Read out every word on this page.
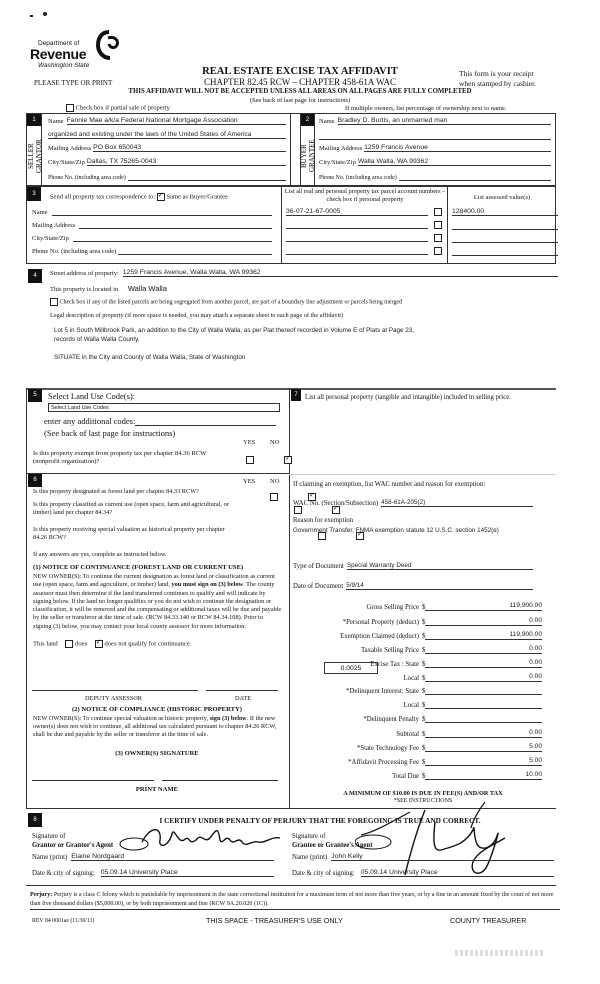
Department of
Revenue
Washington State
REAL ESTATE EXCISE TAX AFFIDAVIT
CHAPTER 82.45 RCW – CHAPTER 458-61A WAC
PLEASE TYPE OR PRINT
This form is your receipt
when stamped by cashier.
THIS AFFIDAVIT WILL NOT BE ACCEPTED UNLESS ALL AREAS ON ALL PAGES ARE FULLY COMPLETED
(See back of last page for instructions)
Check box if partial sale of property	If multiple owners, list percentage of ownership next to name.
1
SELLER
GRANTOR
Name Fannie Mae a/k/a Federal National Mortgage Association
organized and existing under the laws of the United States of America
Mailing Address PO Box 650043
City/State/Zip Dallas, TX 75265-0043
Phone No. (including area code)
2
BUYER
GRANTEE
Name Bradley D. Burtis, an unmarried man
Mailing Address 1259 Francis Avenue
City/State/Zip Walla Walla, WA 99362
Phone No. (including area code)
3	Send all property tax correspondence to: ✓ Same as Buyer/Grantee
List all real and personal property tax parcel account numbers – check box if personal property	List assessed value(s)
Name
Mailing Address
City/State/Zip
Phone No. (including area code)
36-07-21-67-0005	128400.00
4	Street address of property: 1259 Francis Avenue, Walla Walla, WA 99362
This property is located in Walla Walla
Check box if any of the listed parcels are being segregated from another parcel, are part of a boundary line adjustment or parcels being merged
Legal description of property (if more space is needed, you may attach a separate sheet to each page of the affidavit)
Lot 5 in South Millbrook Park, an addition to the City of Walla Walla, as per Plat thereof recorded in Volume E of Plats at Page 23,
records of Walla Walla County.
SITUATE in the City and County of Walla Walla, State of Washington
5	Select Land Use Code(s):
Select Land Use Codes
enter any additional codes:
(See back of last page for instructions)
YES NO
Is this property exempt from property tax per chapter 84.36 RCW (nonprofit organization)?
✓
6	YES NO
Is this property designated as forest land per chapter 84.33 RCW?
✓
Is this property classified as current use (open space, farm and agricultural, or timber) land per chapter 84.34?
✓
Is this property receiving special valuation as historical property per chapter 84.26 RCW?
✓
If any answers are yes, complete as instructed below.
(1) NOTICE OF CONTINUANCE (FOREST LAND OR CURRENT USE)
NEW OWNER(S): To continue the current designation as forest land or classification as current use (open space, farm and agriculture, or timber) land, you must sign on (3) below. The county assessor must then determine if the land transferred continues to qualify and will indicate by signing below. If the land no longer qualifies or you do not wish to continue the designation or classification, it will be removed and the compensating or additional taxes will be due and payable by the seller or transferor at the time of sale. (RCW 84.33.140 or RCW 84.34.108). Prior to signing (3) below, you may contact your local county assessor for more information.
This land	does ✓	does not qualify for continuance.
DEPUTY ASSESSOR	DATE
(2) NOTICE OF COMPLIANCE (HISTORIC PROPERTY)
NEW OWNER(S): To continue special valuation as historic property, sign (3) below. If the new owner(s) does not wish to continue, all additional tax calculated pursuant to chapter 84.26 RCW, shall be due and payable by the seller or transferor at the time of sale.
(3) OWNER(S) SIGNATURE
PRINT NAME
7	List all personal property (tangible and intangible) included in selling price.
If claiming an exemption, list WAC number and reason for exemption:
WAC No. (Section/Subsection) 458-61A-205(2)
Reason for exemption
Government Transfer, FNMA exemption statute 12 U.S.C. section 1452(e)
Type of Document Special Warranty Deed
Date of Document 5/9/14
Gross Selling Price $	119,900.00
*Personal Property (deduct) $	0.00
Exemption Claimed (deduct) $	119,900.00
Taxable Selling Price $	0.00
Excise Tax : State $	0.00
Local $	0.00
*Delinquent Interest: State $
Local $
*Delinquent Penalty $
Subtotal $	0.00
*State Technology Fee $	5.00
*Affidavit Processing Fee $	5.00
Total Due $	10.00
0.0025
A MINIMUM OF $10.00 IS DUE IN FEE(S) AND/OR TAX
*SEE INSTRUCTIONS
8	I CERTIFY UNDER PENALTY OF PERJURY THAT THE FOREGOING IS TRUE AND CORRECT.
Signature of
Grantor or Grantor's Agent
Name (print) Elaine Nordgaard
Date & city of signing: 05.09.14 University Place
Signature of
Grantee or Grantee's Agent
Name (print) John Kelly
Date & city of signing: 05.09.14 University Place
Perjury: Perjury is a class C felony which is punishable by imprisonment in the state correctional institution for a maximum term of not more than five years, or by a fine in an amount fixed by the court of not more than five thousand dollars ($5,000.00), or by both imprisonment and fine (RCW 9A.20.020 (1C)).
REV 84 0001ae (11/30/11)	THIS SPACE - TREASURER'S USE ONLY	COUNTY TREASURER
